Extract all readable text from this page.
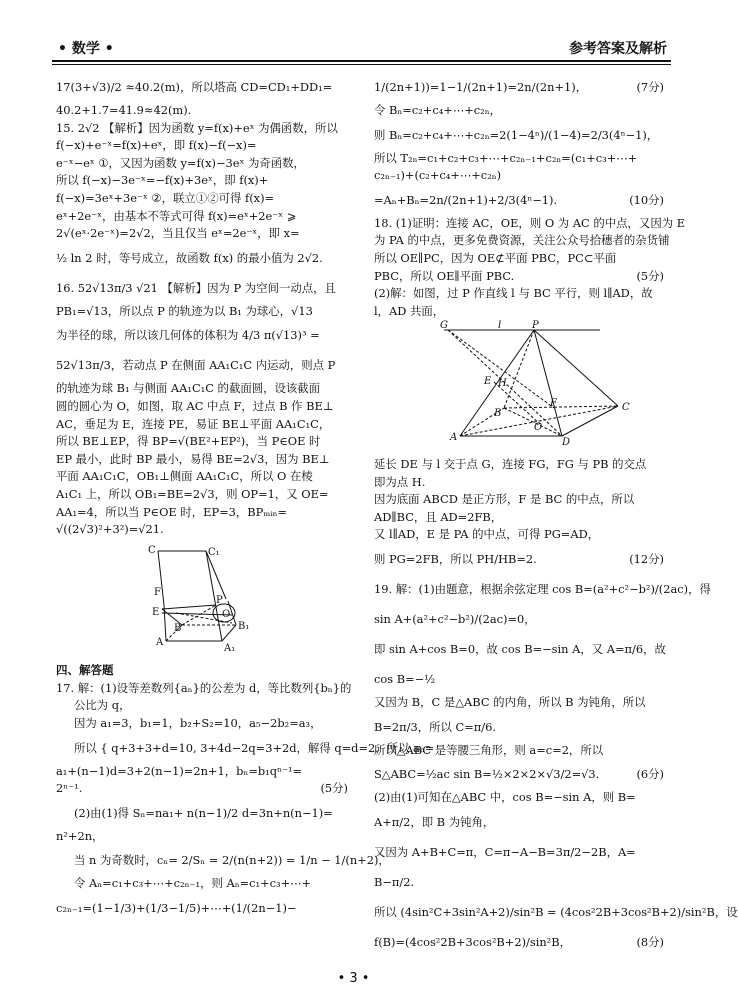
• 数学 •	参考答案及解析
17(3+√3)/2 ≈40.2(m)，所以塔高 CD=CD₁+DD₁=
40.2+1.7=41.9≈42(m).
15. 2√2 【解析】因为函数 y=f(x)+eˣ 为偶函数，所以
f(−x)+e⁻ˣ=f(x)+eˣ，即 f(x)−f(−x)=
e⁻ˣ−eˣ ①，又因为函数 y=f(x)−3eˣ 为奇函数，
所以 f(−x)−3e⁻ˣ=−f(x)+3eˣ，即 f(x)+
f(−x)=3eˣ+3e⁻ˣ ②，联立①②可得 f(x)=
eˣ+2e⁻ˣ，由基本不等式可得 f(x)=eˣ+2e⁻ˣ ⩾
2√(eˣ·2e⁻ˣ)=2√2，当且仅当 eˣ=2e⁻ˣ，即 x=
½ ln 2 时，等号成立，故函数 f(x) 的最小值为 2√2.
16. 52√13π/3 √21 【解析】因为 P 为空间一动点，且
PB₁=√13，所以点 P 的轨迹为以 B₁ 为球心，√13
为半径的球，所以该几何体的体积为 4/3 π(√13)³ =
52√13π/3，若动点 P 在侧面 AA₁C₁C 内运动，则点 P
的轨迹为球 B₁ 与侧面 AA₁C₁C 的截面圆，设该截面
圆的圆心为 O，如图，取 AC 中点 F，过点 B 作 BE⊥
AC，垂足为 E，连接 PE，易证 BE⊥平面 AA₁C₁C，
所以 BE⊥EP，得 BP=√(BE²+EP²)，当 P∈OE 时
EP 最小，此时 BP 最小，易得 BE=2√3，因为 BE⊥
平面 AA₁C₁C，OB₁⊥侧面 AA₁C₁C，所以 O 在棱
A₁C₁ 上，所以 OB₁=BE=2√3，则 OP=1，又 OE=
AA₁=4，所以当 P∈OE 时，EP=3，BPₘᵢₙ=
√((2√3)²+3²)=√21.
C	C₁
F
P
O
E
B	B₁
A
A₁
四、解答题
17. 解：(1)设等差数列{aₙ}的公差为 d，等比数列{bₙ}的
公比为 q，
因为 a₁=3，b₁=1，b₂+S₂=10，a₅−2b₂=a₃，
所以 { q+3+3+d=10, 3+4d−2q=3+2d，解得 q=d=2，所以 aₙ=
a₁+(n−1)d=3+2(n−1)=2n+1，bₙ=b₁qⁿ⁻¹=
2ⁿ⁻¹.	(5分)
(2)由(1)得 Sₙ=na₁+ n(n−1)/2 d=3n+n(n−1)=
n²+2n，
当 n 为奇数时，cₙ= 2/Sₙ = 2/(n(n+2)) = 1/n − 1/(n+2)，
令 Aₙ=c₁+c₃+⋯+c₂ₙ₋₁，则 Aₙ=c₁+c₃+⋯+
c₂ₙ₋₁=(1−1/3)+(1/3−1/5)+⋯+(1/(2n−1)−
1/(2n+1))=1−1/(2n+1)=2n/(2n+1)，	(7分)
令 Bₙ=c₂+c₄+⋯+c₂ₙ，
则 Bₙ=c₂+c₄+⋯+c₂ₙ=2(1−4ⁿ)/(1−4)=2/3(4ⁿ−1)，
所以 T₂ₙ=c₁+c₂+c₃+⋯+c₂ₙ₋₁+c₂ₙ=(c₁+c₃+⋯+
c₂ₙ₋₁)+(c₂+c₄+⋯+c₂ₙ)
=Aₙ+Bₙ=2n/(2n+1)+2/3(4ⁿ−1).	(10分)
18. (1)证明：连接 AC，OE，则 O 为 AC 的中点，又因为 E
为 PA 的中点，更多免费资源，关注公众号拾穗者的杂货铺
所以 OE∥PC，因为 OE⊄平面 PBC，PC⊂平面
PBC，所以 OE∥平面 PBC.	(5分)
(2)解：如图，过 P 作直线 l 与 BC 平行，则 l∥AD，故
l，AD 共面，
G	l	P
E H
F
B
C
A
O
D
延长 DE 与 l 交于点 G，连接 FG，FG 与 PB 的交点
即为点 H.
因为底面 ABCD 是正方形，F 是 BC 的中点，所以
AD∥BC，且 AD=2FB，
又 l∥AD，E 是 PA 的中点，可得 PG=AD，
则 PG=2FB，所以 PH/HB=2.	(12分)
19. 解：(1)由题意，根据余弦定理 cos B=(a²+c²−b²)/(2ac)，得
sin A+(a²+c²−b²)/(2ac)=0，
即 sin A+cos B=0，故 cos B=−sin A，又 A=π/6，故
cos B=−½
又因为 B，C 是△ABC 的内角，所以 B 为钝角，所以
B=2π/3，所以 C=π/6.
所以△ABC 是等腰三角形，则 a=c=2，所以
S△ABC=½ac sin B=½×2×2×√3/2=√3.	(6分)
(2)由(1)可知在△ABC 中，cos B=−sin A，则 B=
A+π/2，即 B 为钝角，
又因为 A+B+C=π，C=π−A−B=3π/2−2B，A=
B−π/2.
所以 (4sin²C+3sin²A+2)/sin²B = (4cos²2B+3cos²B+2)/sin²B，设
f(B)=(4cos²2B+3cos²B+2)/sin²B，	(8分)
• 3 •
